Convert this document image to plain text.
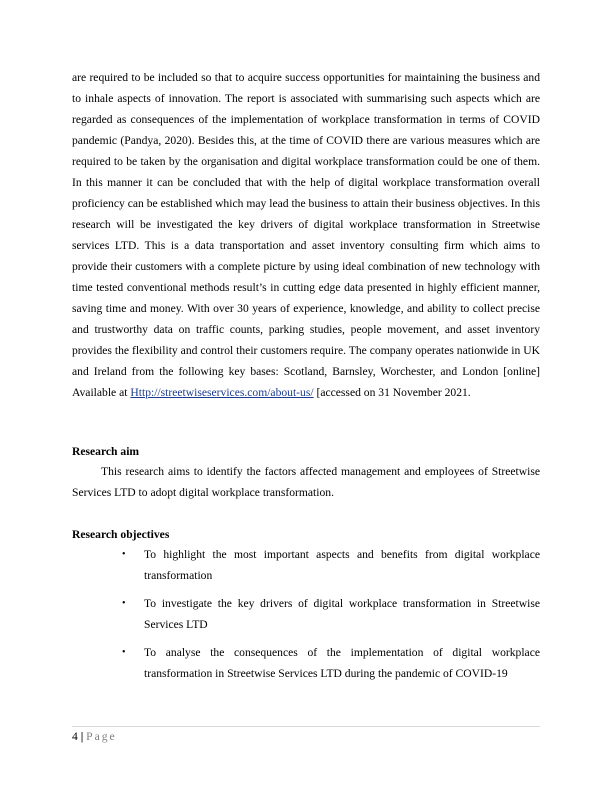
are required to be included so that to acquire success opportunities for maintaining the business and to inhale aspects of innovation. The report is associated with summarising such aspects which are regarded as consequences of the implementation of workplace transformation in terms of COVID pandemic (Pandya, 2020). Besides this, at the time of COVID there are various measures which are required to be taken by the organisation and digital workplace transformation could be one of them. In this manner it can be concluded that with the help of digital workplace transformation overall proficiency can be established which may lead the business to attain their business objectives. In this research will be investigated the key drivers of digital workplace transformation in Streetwise services LTD. This is a data transportation and asset inventory consulting firm which aims to provide their customers with a complete picture by using ideal combination of new technology with time tested conventional methods result’s in cutting edge data presented in highly efficient manner, saving time and money. With over 30 years of experience, knowledge, and ability to collect precise and trustworthy data on traffic counts, parking studies, people movement, and asset inventory provides the flexibility and control their customers require. The company operates nationwide in UK and Ireland from the following key bases: Scotland, Barnsley, Worchester, and London [online] Available at Http://streetwiseservices.com/about-us/ [accessed on 31 November 2021.

Research aim

This research aims to identify the factors affected management and employees of Streetwise Services LTD to adopt digital workplace transformation.

Research objectives
• To highlight the most important aspects and benefits from digital workplace transformation
• To investigate the key drivers of digital workplace transformation in Streetwise Services LTD
• To analyse the consequences of the implementation of digital workplace transformation in Streetwise Services LTD during the pandemic of COVID-19
4 | Page
